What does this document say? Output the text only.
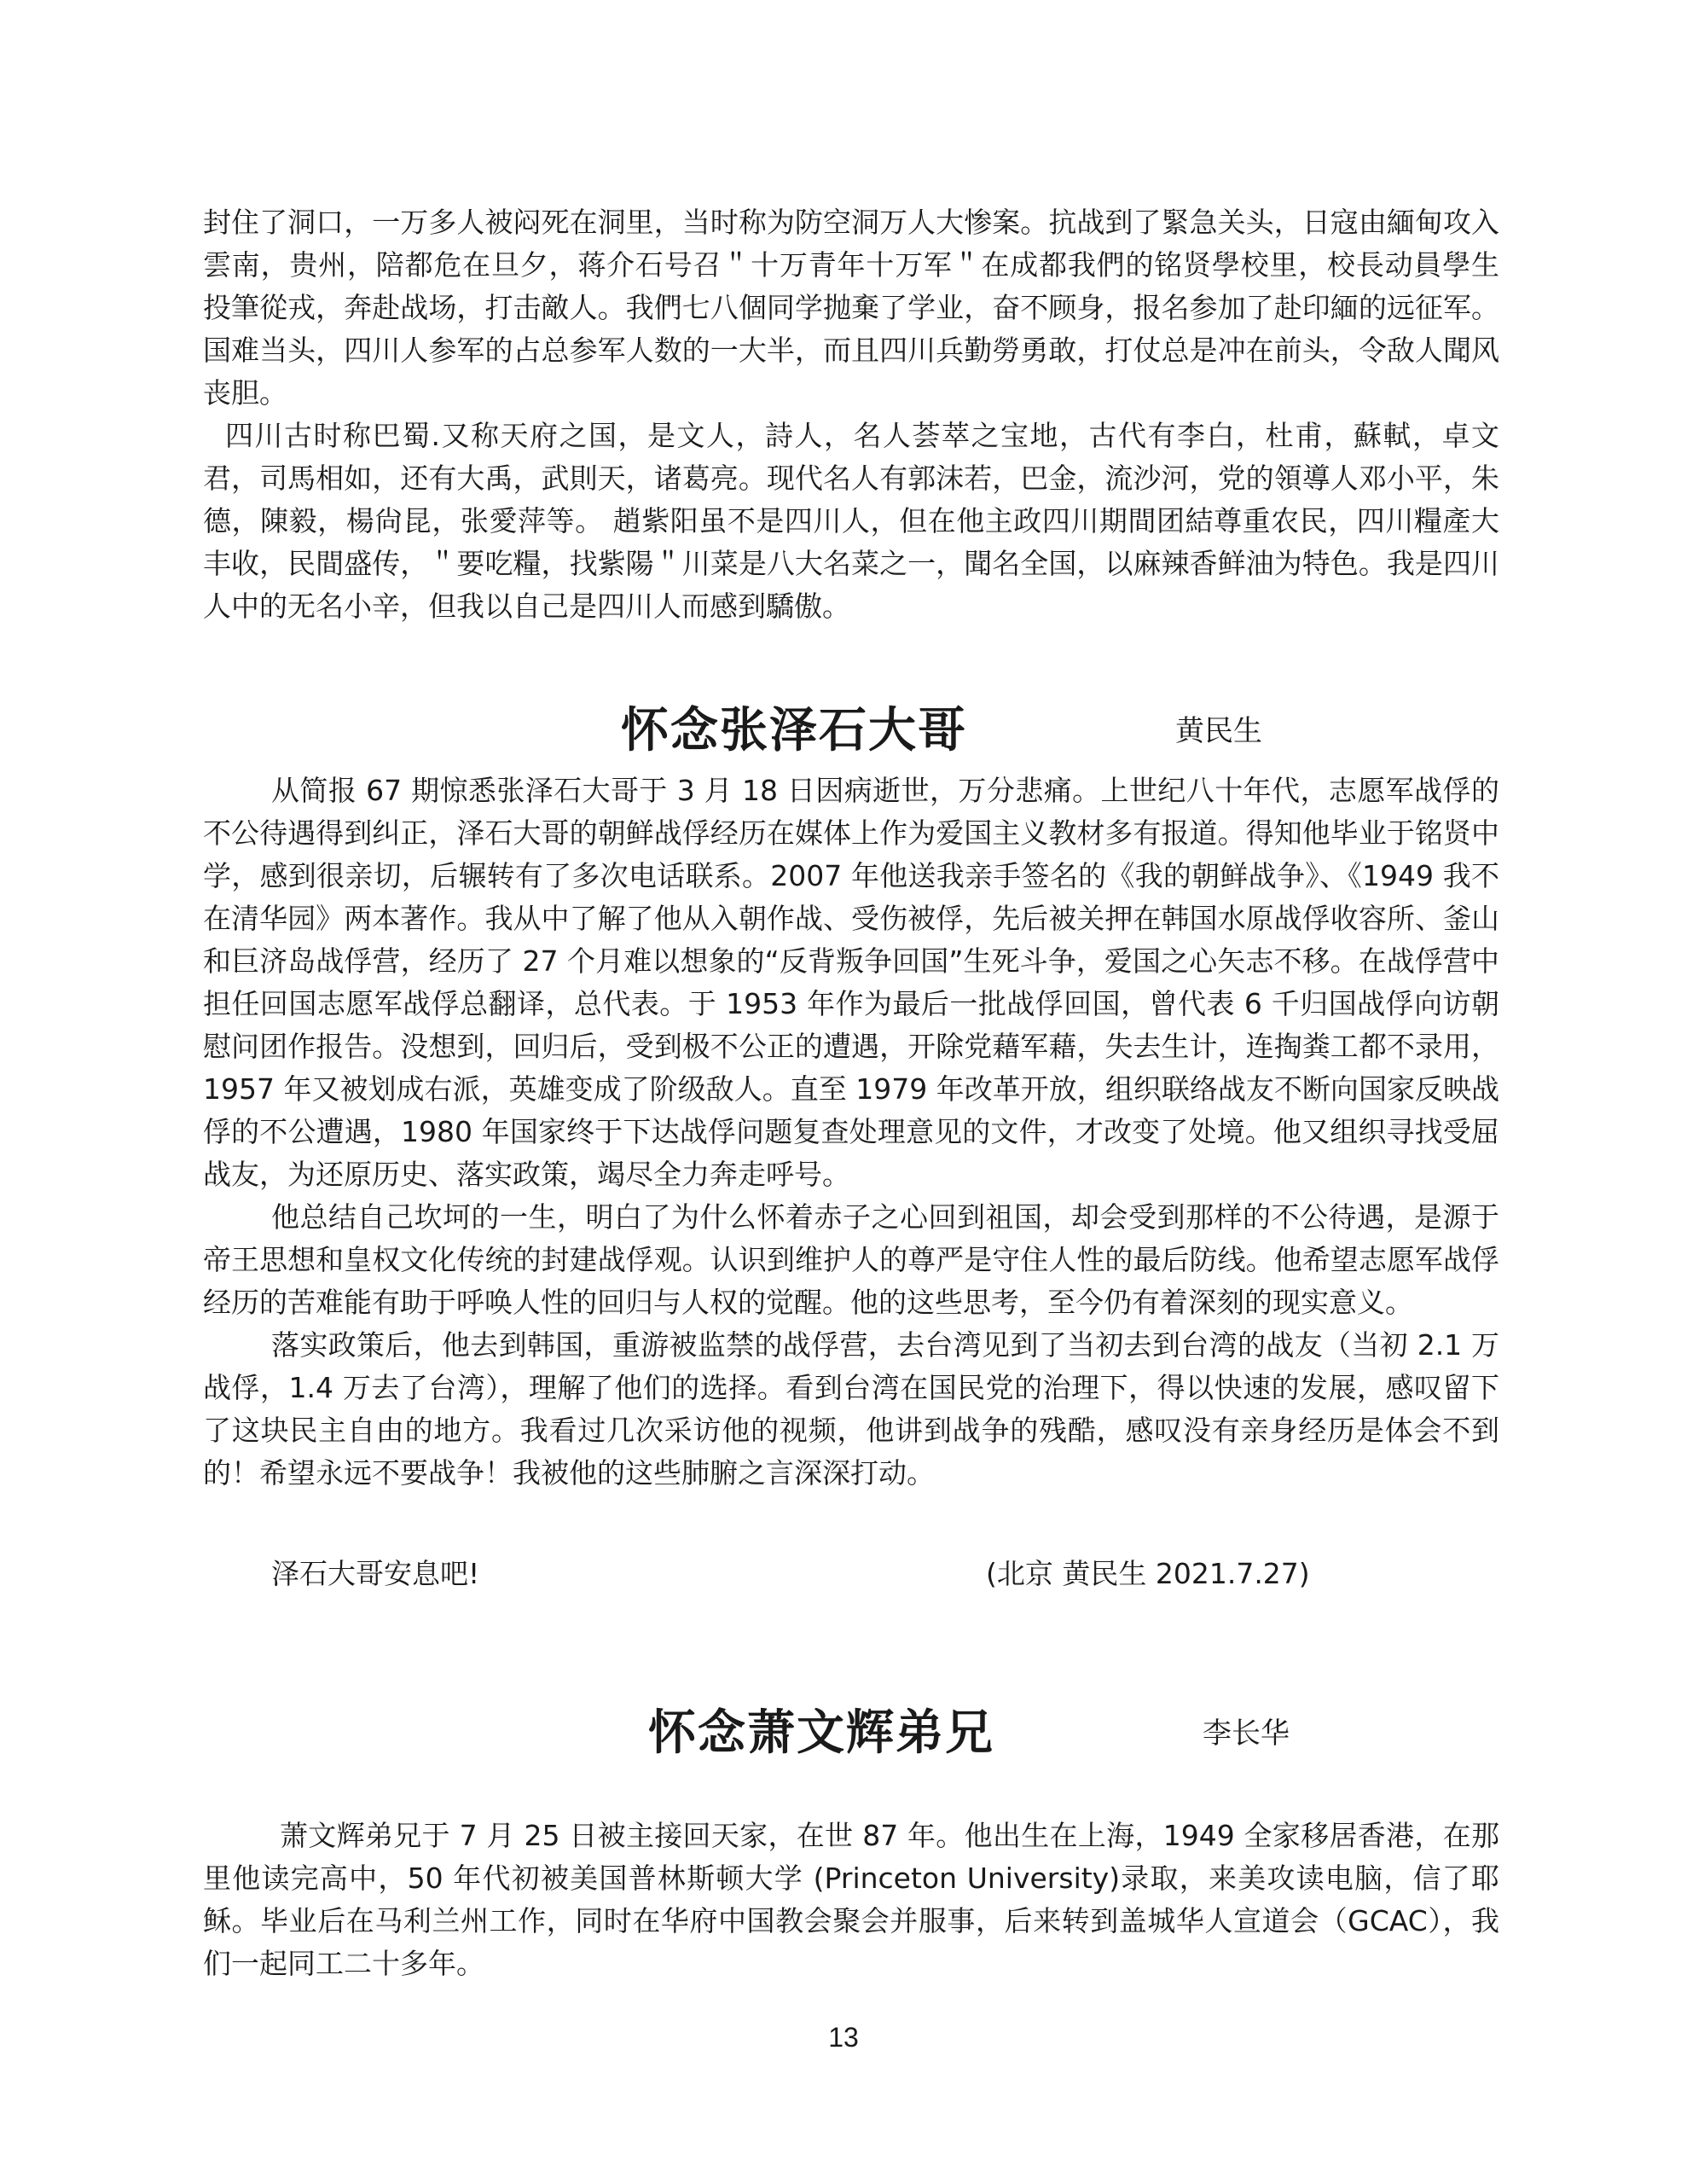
封住了洞口，一万多人被闷死在洞里，当时称为防空洞万人大惨案。抗战到了緊急关头，日寇由緬甸攻入雲南，贵州，陪都危在旦夕，蒋介石号召＂十万青年十万军＂在成都我們的铭贤學校里，校長动員學生 投筆從戎，奔赴战场，打击敵人。我們七八個同学抛棄了学业，奋不顾身，报名参加了赴印緬的远征军。国难当头，四川人参军的占总参军人数的一大半，而且四川兵勤勞勇敢，打仗总是冲在前头，令敌人聞风丧胆。

四川古时称巴蜀.又称天府之国，是文人，詩人，名人荟萃之宝地，古代有李白，杜甫，蘇軾，卓文君，司馬相如，还有大禹，武則天，诸葛亮。现代名人有郭沫若，巴金，流沙河，党的領導人邓小平，朱德，陳毅，楊尙昆，张愛萍等。 趙紫阳虽不是四川人，但在他主政四川期間团結尊重农民，四川糧產大丰收，民間盛传，＂要吃糧，找紫陽＂川菜是八大名菜之一，聞名全国，以麻辣香鲜油为特色。我是四川人中的无名小辛，但我以自己是四川人而感到驕傲。

怀念张泽石大哥	黄民生

从简报 67 期惊悉张泽石大哥于 3 月 18 日因病逝世，万分悲痛。上世纪八十年代，志愿军战俘的不公待遇得到纠正，泽石大哥的朝鲜战俘经历在媒体上作为爱国主义教材多有报道。得知他毕业于铭贤中学，感到很亲切，后辗转有了多次电话联系。2007 年他送我亲手签名的《我的朝鲜战争》、《1949 我不在清华园》两本著作。我从中了解了他从入朝作战、受伤被俘，先后被关押在韩国水原战俘收容所、釜山和巨济岛战俘营，经历了 27 个月难以想象的“反背叛争回国”生死斗争，爱国之心矢志不移。在战俘营中担任回国志愿军战俘总翻译，总代表。于 1953 年作为最后一批战俘回国，曾代表 6 千归国战俘向访朝慰问团作报告。没想到，回归后，受到极不公正的遭遇，开除党藉军藉，失去生计，连掏粪工都不录用，1957 年又被划成右派，英雄变成了阶级敌人。直至 1979 年改革开放，组织联络战友不断向国家反映战俘的不公遭遇，1980 年国家终于下达战俘问题复查处理意见的文件，才改变了处境。他又组织寻找受屈战友，为还原历史、落实政策，竭尽全力奔走呼号。

他总结自己坎坷的一生，明白了为什么怀着赤子之心回到祖国，却会受到那样的不公待遇，是源于帝王思想和皇权文化传统的封建战俘观。认识到维护人的尊严是守住人性的最后防线。他希望志愿军战俘经历的苦难能有助于呼唤人性的回归与人权的觉醒。他的这些思考，至今仍有着深刻的现实意义。

落实政策后，他去到韩国，重游被监禁的战俘营，去台湾见到了当初去到台湾的战友（当初 2.1 万战俘，1.4 万去了台湾），理解了他们的选择。看到台湾在国民党的治理下，得以快速的发展，感叹留下了这块民主自由的地方。我看过几次采访他的视频，他讲到战争的残酷，感叹没有亲身经历是体会不到的！希望永远不要战争！我被他的这些肺腑之言深深打动。

泽石大哥安息吧!	(北京 黄民生 2021.7.27)
怀念萧文辉弟兄	李长华

萧文辉弟兄于 7 月 25 日被主接回天家，在世 87 年。他出生在上海，1949 全家移居香港，在那里他读完高中，50 年代初被美国普林斯顿大学 (Princeton University)录取，来美攻读电脑，信了耶稣。毕业后在马利兰州工作，同时在华府中国教会聚会并服事，后来转到盖城华人宣道会（GCAC），我们一起同工二十多年。

13
